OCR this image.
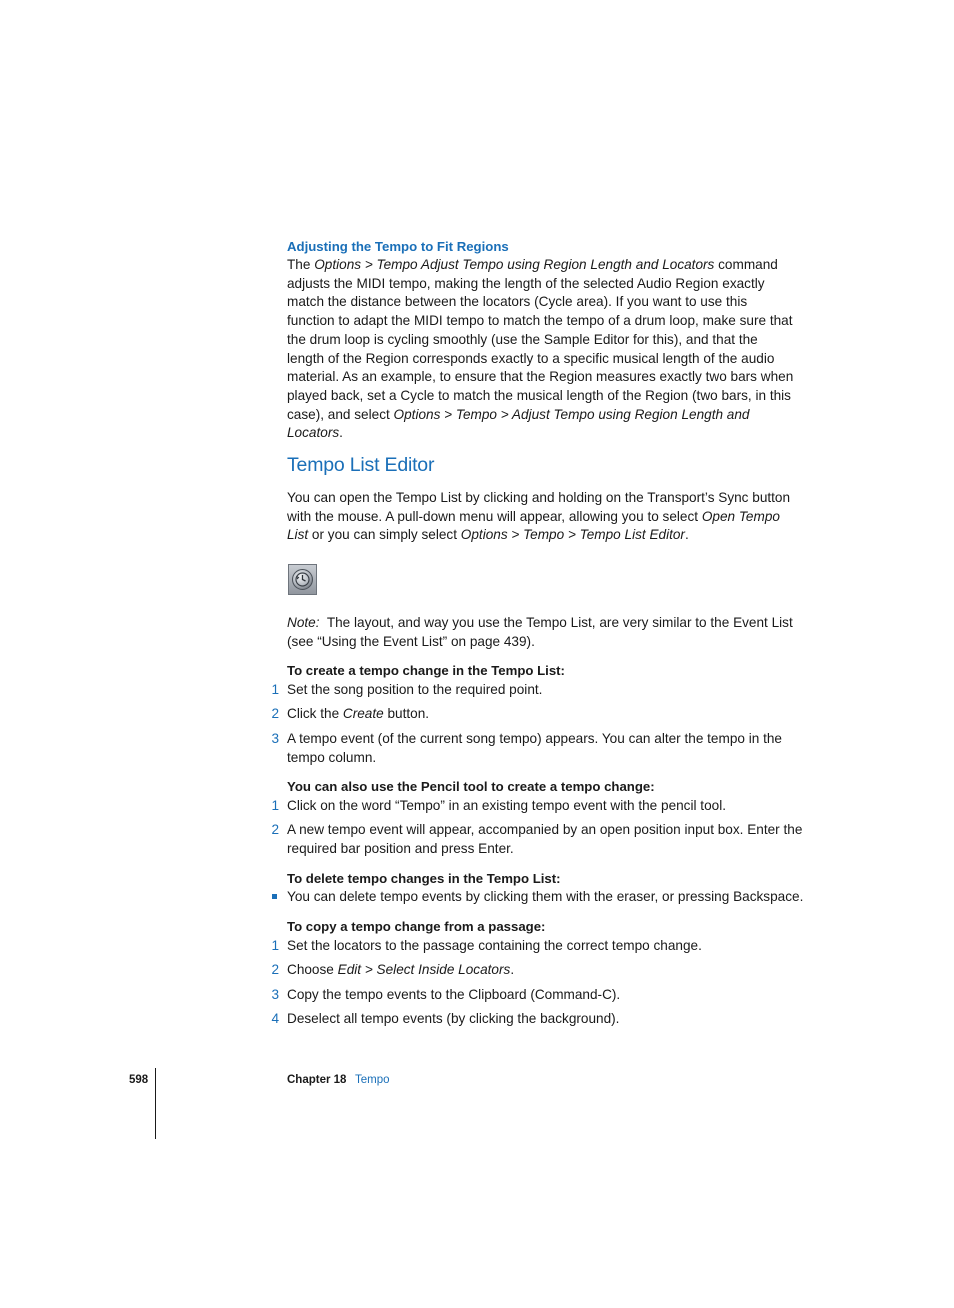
Adjusting the Tempo to Fit Regions

The Options > Tempo Adjust Tempo using Region Length and Locators command adjusts the MIDI tempo, making the length of the selected Audio Region exactly match the distance between the locators (Cycle area). If you want to use this function to adapt the MIDI tempo to match the tempo of a drum loop, make sure that the drum loop is cycling smoothly (use the Sample Editor for this), and that the length of the Region corresponds exactly to a specific musical length of the audio material. As an example, to ensure that the Region measures exactly two bars when played back, set a Cycle to match the musical length of the Region (two bars, in this case), and select Options > Tempo > Adjust Tempo using Region Length and Locators.

Tempo List Editor

You can open the Tempo List by clicking and holding on the Transport’s Sync button with the mouse. A pull-down menu will appear, allowing you to select Open Tempo List or you can simply select Options > Tempo > Tempo List Editor.

Note: The layout, and way you use the Tempo List, are very similar to the Event List (see “Using the Event List” on page 439).

To create a tempo change in the Tempo List:
1 Set the song position to the required point.
2 Click the Create button.
3 A tempo event (of the current song tempo) appears. You can alter the tempo in the tempo column.
You can also use the Pencil tool to create a tempo change:
1 Click on the word “Tempo” in an existing tempo event with the pencil tool.
2 A new tempo event will appear, accompanied by an open position input box. Enter the required bar position and press Enter.
To delete tempo changes in the Tempo List:
You can delete tempo events by clicking them with the eraser, or pressing Backspace.
To copy a tempo change from a passage:
1 Set the locators to the passage containing the correct tempo change.
2 Choose Edit > Select Inside Locators.
3 Copy the tempo events to the Clipboard (Command-C).
4 Deselect all tempo events (by clicking the background).
598	Chapter 18 Tempo
